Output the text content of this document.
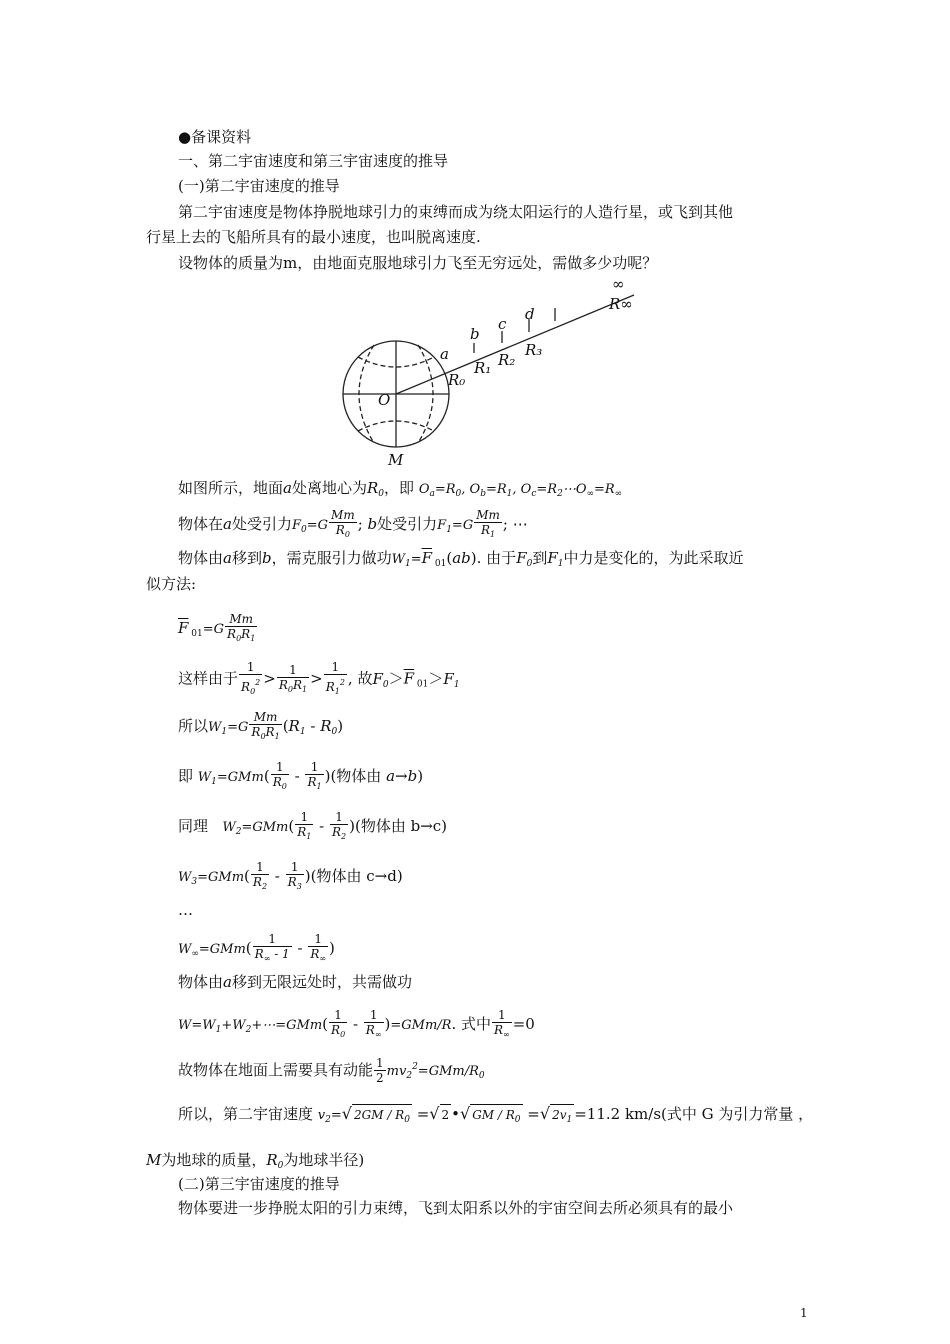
●备课资料
一、第二宇宙速度和第三宇宙速度的推导
(一)第二宇宙速度的推导
第二宇宙速度是物体挣脱地球引力的束缚而成为绕太阳运行的人造行星，或飞到其他
行星上去的飞船所具有的最小速度，也叫脱离速度.
设物体的质量为m，由地面克服地球引力飞至无穷远处，需做多少功呢？
∞
R∞
a
b
c
d
R₀
R₁ R₂
R₃
O
M
如图所示，地面a处离地心为$R_0$，即 $O_a=R_0$, $O_b=R_1$, $O_c=R_2\cdots O_\infty=R_\infty$
物体在a处受引力$F_0=G \frac{Mm}{R_0}$ ; b处受引力$F_1=G \frac{Mm}{R_1}$ ; ⋯
物体由a移到b，需克服引力做功$W_1=\overline{F}$ $_{01}$(ab). 由于$F_0$到$F_1$中力是变化的，为此采取近
似方法:
$\overline{F}$ $_{01}=G \frac{Mm}{R_0R_1}$
这样由于 $\frac{1}{R_0^2} > \frac{1}{R_0R_1} > \frac{1}{R_1^2}$ , 故$F_0>\overline{F}$ $_{01}>F_1$
所以$W_1=G \frac{Mm}{R_0R_1} (R_1 - R_0)$
即 $W_1=GMm( \frac{1}{R_0} - \frac{1}{R_1}$ )(物体由 a→b)
同理 $W_2=GMm( \frac{1}{R_1} - \frac{1}{R_2}$ )(物体由 b→c)
$W_3=GMm( \frac{1}{R_2} - \frac{1}{R_3}$ )(物体由 c→d)
…
$W_\infty=GMm( \frac{1}{R_\infty - 1} - \frac{1}{R_\infty}$ )
物体由a移到无限远处时，共需做功
$W=W_1+W_2+\cdots=GMm( \frac{1}{R_0} - \frac{1}{R_\infty} )=GMm/R$. 式中 $\frac{1}{R_\infty} =0$
故物体在地面上需要具有动能 $\frac{1}{2} mv_2^2=GMm/R_0$
所以，第二宇宙速度 $v_2=√$ $2GM / R_0$ =√ 2 •√ GM / $R_0$ =√ $2v_1 =11.2$ km/s(式中 G 为引力常量 ，
M为地球的质量，$R_0$为地球半径)
(二)第三宇宙速度的推导
物体要进一步挣脱太阳的引力束缚，飞到太阳系以外的宇宙空间去所必须具有的最小
1
